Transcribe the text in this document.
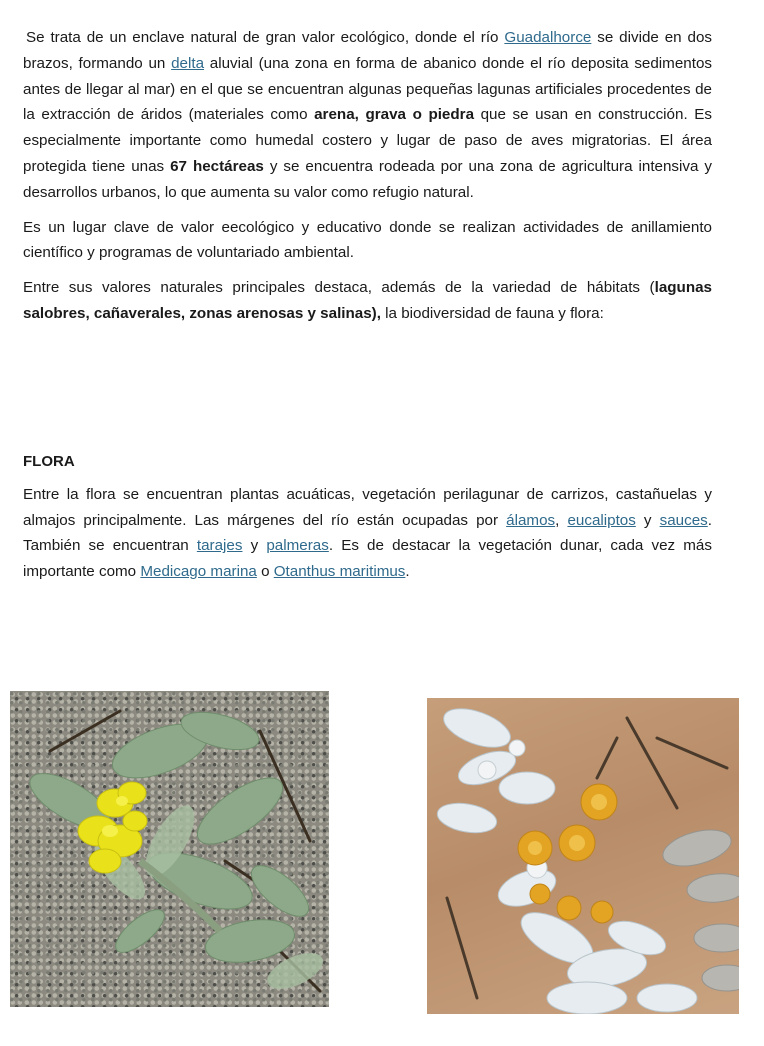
Se trata de un enclave natural de gran valor ecológico, donde el río Guadalhorce se divide en dos brazos, formando un delta aluvial (una zona en forma de abanico donde el río deposita sedimentos antes de llegar al mar) en el que se encuentran algunas pequeñas lagunas artificiales procedentes de la extracción de áridos (materiales como arena, grava o piedra que se usan en construcción. Es especialmente importante como humedal costero y lugar de paso de aves migratorias. El área protegida tiene unas 67 hectáreas y se encuentra rodeada por una zona de agricultura intensiva y desarrollos urbanos, lo que aumenta su valor como refugio natural.

Es un lugar clave de valor eecológico y educativo donde se realizan actividades de anillamiento científico y programas de voluntariado ambiental.

Entre sus valores naturales principales destaca, además de la variedad de hábitats (lagunas salobres, cañaverales, zonas arenosas y salinas), la biodiversidad de fauna y flora:

FLORA

Entre la flora se encuentran plantas acuáticas, vegetación perilagunar de carrizos, castañuelas y almajos principalmente. Las márgenes del río están ocupadas por álamos, eucaliptos y sauces. También se encuentran tarajes y palmeras. Es de destacar la vegetación dunar, cada vez más importante como Medicago marina o Otanthus maritimus.
